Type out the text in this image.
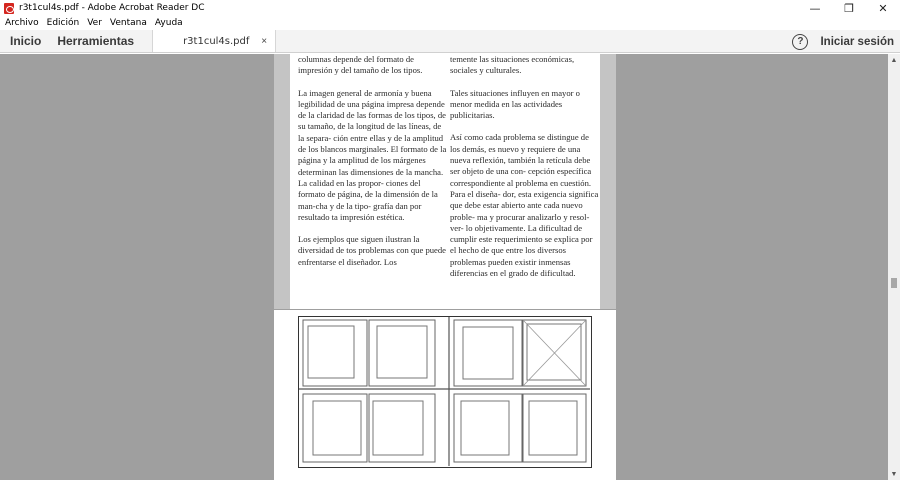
r3t1cul4s.pdf - Adobe Acrobat Reader DC	—	❐	✕
Archivo Edición Ver Ventana Ayuda
Inicio	Herramientas	r3t1cul4s.pdf ×	?	Iniciar sesión

columnas depende del formato de impresión y del tamaño de los tipos.

La imagen general de armonía y buena legibilidad de una página impresa depende de la claridad de las formas de los tipos, de su tamaño, de la longitud de las líneas, de la separa- ción entre ellas y de la amplitud de los blancos marginales. El formato de la página y la amplitud de los márgenes determinan las dimensiones de la mancha. La calidad en las propor- ciones del formato de página, de la dimensión de la man-cha y de la tipo- grafía dan por resultado ta impresión estética.

Los ejemplos que siguen ilustran la diversidad de tos problemas con que puede enfrentarse el diseñador. Los

temente las situaciones económicas, sociales y culturales.

Tales situaciones influyen en mayor o menor medida en las actividades publicitarias.

Así como cada problema se distingue de los demás, es nuevo y requiere de una nueva reflexión, también la retícula debe ser objeto de una con- cepción específica correspondiente al problema en cuestión. Para el diseña- dor, esta exigencia significa que debe estar abierto ante cada nuevo proble- ma y procurar analizarlo y resol-ver- lo objetivamente. La dificultad de cumplir este requerimiento se explica por el hecho de que entre los diversos problemas pueden existir inmensas diferencias en el grado de dificultad.

▲
▼
